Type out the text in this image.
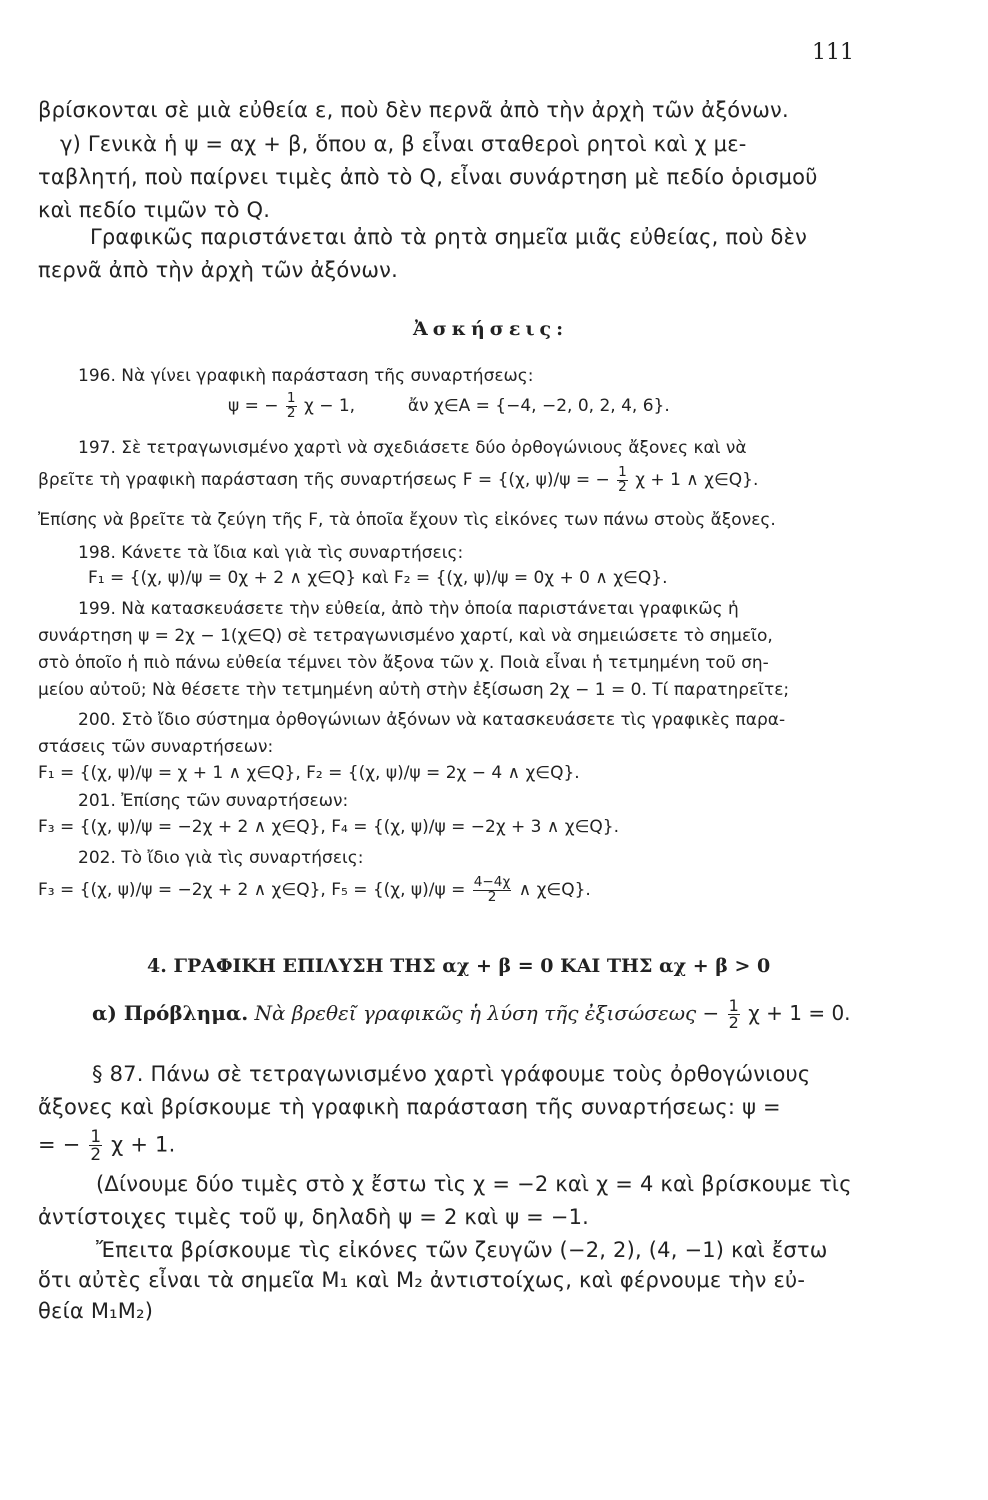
111
βρίσκονται σὲ μιὰ εὐθεία ε, ποὺ δὲν περνᾶ ἀπὸ τὴν ἀρχὴ τῶν ἀξόνων.
γ) Γενικὰ ἡ ψ = αχ + β, ὅπου α, β εἶναι σταθεροὶ ρητοὶ καὶ χ με-
ταβλητή, ποὺ παίρνει τιμὲς ἀπὸ τὸ Q, εἶναι συνάρτηση μὲ πεδίο ὁρισμοῦ
καὶ πεδίο τιμῶν τὸ Q.
Γραφικῶς παριστάνεται ἀπὸ τὰ ρητὰ σημεῖα μιᾶς εὐθείας, ποὺ δὲν
περνᾶ ἀπὸ τὴν ἀρχὴ τῶν ἀξόνων.
Ἀσκήσεις:
196. Νὰ γίνει γραφικὴ παράσταση τῆς συναρτήσεως:
ψ = − $\frac{1}{2}$ χ − 1,	ἄν χ∈A = {−4, −2, 0, 2, 4, 6}.
197. Σὲ τετραγωνισμένο χαρτὶ νὰ σχεδιάσετε δύο ὀρθογώνιους ἄξονες καὶ νὰ
βρεῖτε τὴ γραφικὴ παράσταση τῆς συναρτήσεως F = {(χ, ψ)/ψ = − $\frac{1}{2}$ χ + 1 ∧ χ∈Q}.
Ἐπίσης νὰ βρεῖτε τὰ ζεύγη τῆς F, τὰ ὁποῖα ἔχουν τὶς εἰκόνες των πάνω στοὺς ἄξονες.
198. Κάνετε τὰ ἴδια καὶ γιὰ τὶς συναρτήσεις:
F₁ = {(χ, ψ)/ψ = 0χ + 2 ∧ χ∈Q} καὶ F₂ = {(χ, ψ)/ψ = 0χ + 0 ∧ χ∈Q}.
199. Νὰ κατασκευάσετε τὴν εὐθεία, ἀπὸ τὴν ὁποία παριστάνεται γραφικῶς ἡ
συνάρτηση ψ = 2χ − 1(χ∈Q) σὲ τετραγωνισμένο χαρτί, καὶ νὰ σημειώσετε τὸ σημεῖο,
στὸ ὁποῖο ἡ πιὸ πάνω εὐθεία τέμνει τὸν ἄξονα τῶν χ. Ποιὰ εἶναι ἡ τετμημένη τοῦ ση-
μείου αὐτοῦ; Νὰ θέσετε τὴν τετμημένη αὐτὴ στὴν ἐξίσωση 2χ − 1 = 0. Τί παρατηρεῖτε;
200. Στὸ ἴδιο σύστημα ὀρθογώνιων ἀξόνων νὰ κατασκευάσετε τὶς γραφικὲς παρα-
στάσεις τῶν συναρτήσεων:
F₁ = {(χ, ψ)/ψ = χ + 1 ∧ χ∈Q}, F₂ = {(χ, ψ)/ψ = 2χ − 4 ∧ χ∈Q}.
201. Ἐπίσης τῶν συναρτήσεων:
F₃ = {(χ, ψ)/ψ = −2χ + 2 ∧ χ∈Q}, F₄ = {(χ, ψ)/ψ = −2χ + 3 ∧ χ∈Q}.
202. Τὸ ἴδιο γιὰ τὶς συναρτήσεις:
F₃ = {(χ, ψ)/ψ = −2χ + 2 ∧ χ∈Q}, F₅ = {(χ, $\psi)/\psi = \frac{4-4\chi}{2}$ ∧ χ∈Q}.
4. ΓΡΑΦΙΚΗ ΕΠΙΛΥΣΗ ΤΗΣ αχ + β = 0 ΚΑΙ ΤΗΣ αχ + β > 0
α) Πρόβλημα. Νὰ βρεθεῖ γραφικῶς ἡ λύση τῆς ἐξισώσεως − $\frac{1}{2}$ χ + 1 = 0.
§ 87. Πάνω σὲ τετραγωνισμένο χαρτὶ γράφουμε τοὺς ὀρθογώνιους
ἄξονες καὶ βρίσκουμε τὴ γραφικὴ παράσταση τῆς συναρτήσεως: ψ =
= − $\frac{1}{2}$ χ + 1.
(Δίνουμε δύο τιμὲς στὸ χ ἔστω τὶς χ = −2 καὶ χ = 4 καὶ βρίσκουμε τὶς
ἀντίστοιχες τιμὲς τοῦ ψ, δηλαδὴ ψ = 2 καὶ ψ = −1.
Ἔπειτα βρίσκουμε τὶς εἰκόνες τῶν ζευγῶν (−2, 2), (4, −1) καὶ ἔστω
ὅτι αὐτὲς εἶναι τὰ σημεῖα M₁ καὶ M₂ ἀντιστοίχως, καὶ φέρνουμε τὴν εὐ-
θεία M₁M₂)
